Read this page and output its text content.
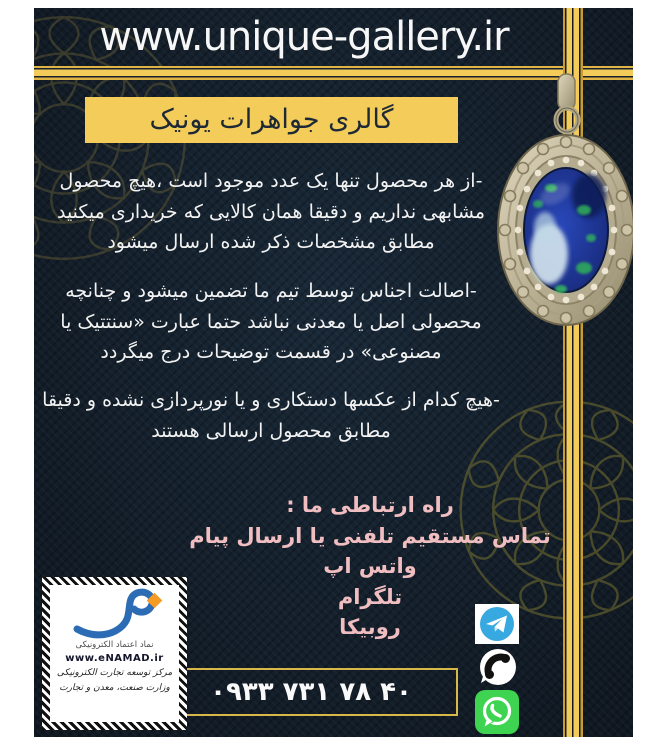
www.unique-gallery.ir
گالری جواهرات یونیک
-از هر محصول تنها یک عدد موجود است ،هیچ محصول مشابهی نداریم و دقیقا همان کالایی که خریداری میکنید مطابق مشخصات ذکر شده ارسال میشود
-اصالت اجناس توسط تیم ما تضمین میشود و چنانچه محصولی اصل یا معدنی نباشد حتما عبارت «سنتتیک یا مصنوعی» در قسمت توضیحات درج میگردد
-هیچ کدام از عکسها دستکاری و یا نورپردازی نشده و دقیقا مطابق محصول ارسالی هستند
راه ارتباطی ما :
تماس مستقیم تلفنی یا ارسال پیام
واتس اپ
تلگرام
روبیکا
۰۹۳۳ ۷۳۱ ۷۸ ۴۰
نماد اعتماد الکترونیکی
www.eNAMAD.ir
مرکز توسعه تجارت الکترونیکی
وزارت صنعت، معدن و تجارت
